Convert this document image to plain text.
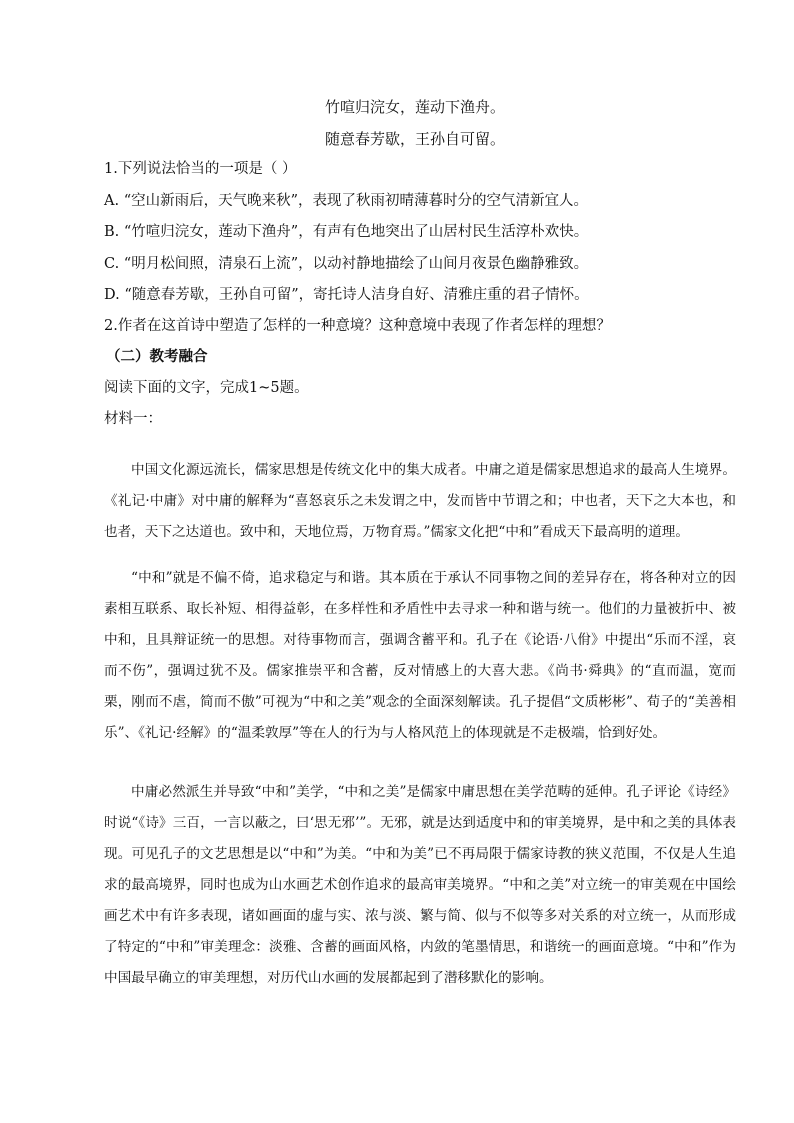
竹喧归浣女，莲动下渔舟。
随意春芳歇，王孙自可留。
1.下列说法恰当的一项是（ ）
A. “空山新雨后，天气晚来秋”，表现了秋雨初晴薄暮时分的空气清新宜人。
B. “竹喧归浣女，莲动下渔舟”，有声有色地突出了山居村民生活淳朴欢快。
C. “明月松间照，清泉石上流”，以动衬静地描绘了山间月夜景色幽静雅致。
D. “随意春芳歇，王孙自可留”，寄托诗人洁身自好、清雅庄重的君子情怀。
2.作者在这首诗中塑造了怎样的一种意境？这种意境中表现了作者怎样的理想？
（二）教考融合
阅读下面的文字，完成1~5题。
材料一：
中国文化源远流长，儒家思想是传统文化中的集大成者。中庸之道是儒家思想追求的最高人生境界。《礼记·中庸》对中庸的解释为“喜怒哀乐之未发谓之中，发而皆中节谓之和；中也者，天下之大本也，和也者，天下之达道也。致中和，天地位焉，万物育焉。”儒家文化把“中和”看成天下最高明的道理。
“中和”就是不偏不倚，追求稳定与和谐。其本质在于承认不同事物之间的差异存在，将各种对立的因素相互联系、取长补短、相得益彰，在多样性和矛盾性中去寻求一种和谐与统一。他们的力量被折中、被中和，且具辩证统一的思想。对待事物而言，强调含蓄平和。孔子在《论语·八佾》中提出“乐而不淫，哀而不伤”，强调过犹不及。儒家推崇平和含蓄，反对情感上的大喜大悲。《尚书·舜典》的“直而温，宽而栗，刚而不虐，简而不傲”可视为“中和之美”观念的全面深刻解读。孔子提倡“文质彬彬”、荀子的“美善相乐”、《礼记·经解》的“温柔敦厚”等在人的行为与人格风范上的体现就是不走极端，恰到好处。
中庸必然派生并导致“中和”美学，“中和之美”是儒家中庸思想在美学范畴的延伸。孔子评论《诗经》时说“《诗》三百，一言以蔽之，曰‘思无邪’”。无邪，就是达到适度中和的审美境界，是中和之美的具体表现。可见孔子的文艺思想是以“中和”为美。“中和为美”已不再局限于儒家诗教的狭义范围，不仅是人生追求的最高境界，同时也成为山水画艺术创作追求的最高审美境界。“中和之美”对立统一的审美观在中国绘画艺术中有许多表现，诸如画面的虚与实、浓与淡、繁与简、似与不似等多对关系的对立统一，从而形成了特定的“中和”审美理念：淡雅、含蓄的画面风格，内敛的笔墨情思，和谐统一的画面意境。“中和”作为中国最早确立的审美理想，对历代山水画的发展都起到了潜移默化的影响。
